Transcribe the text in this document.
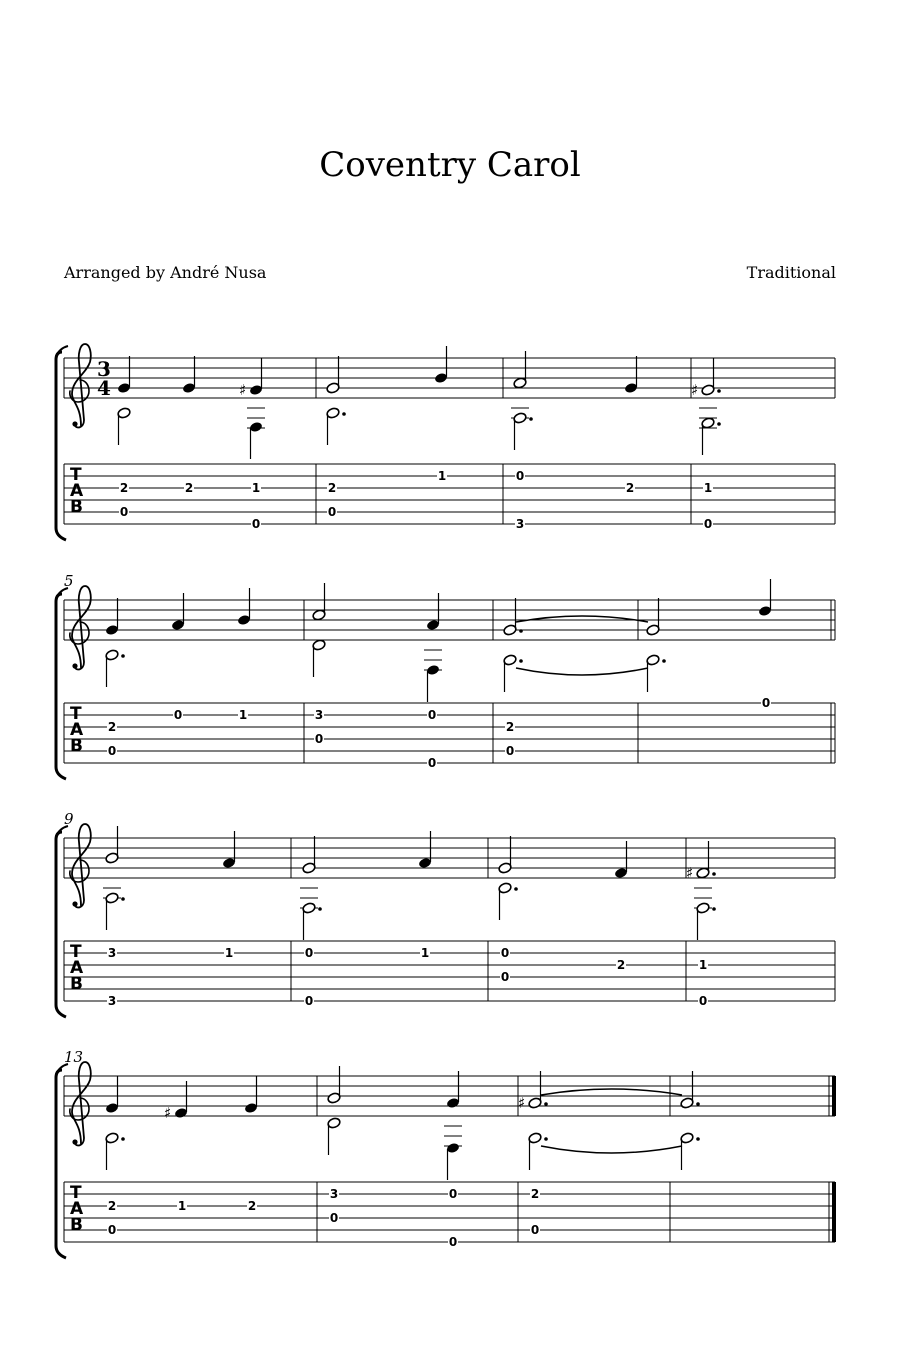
Coventry Carol
Arranged by André Nusa	Traditional
3
4
T
A
B
♯	♯
2
0
2	1
0
2
0
1	0
3
2	1
0
5
T
A
B
2
0
0	1	3
0
0
0
2
0
0
9
T
A
B
♯
3
3
1	0
0
1	0
0
2	1
0
13
T
A
B
♯
♯
2
0
1	2
3
0
0
0
2
0
